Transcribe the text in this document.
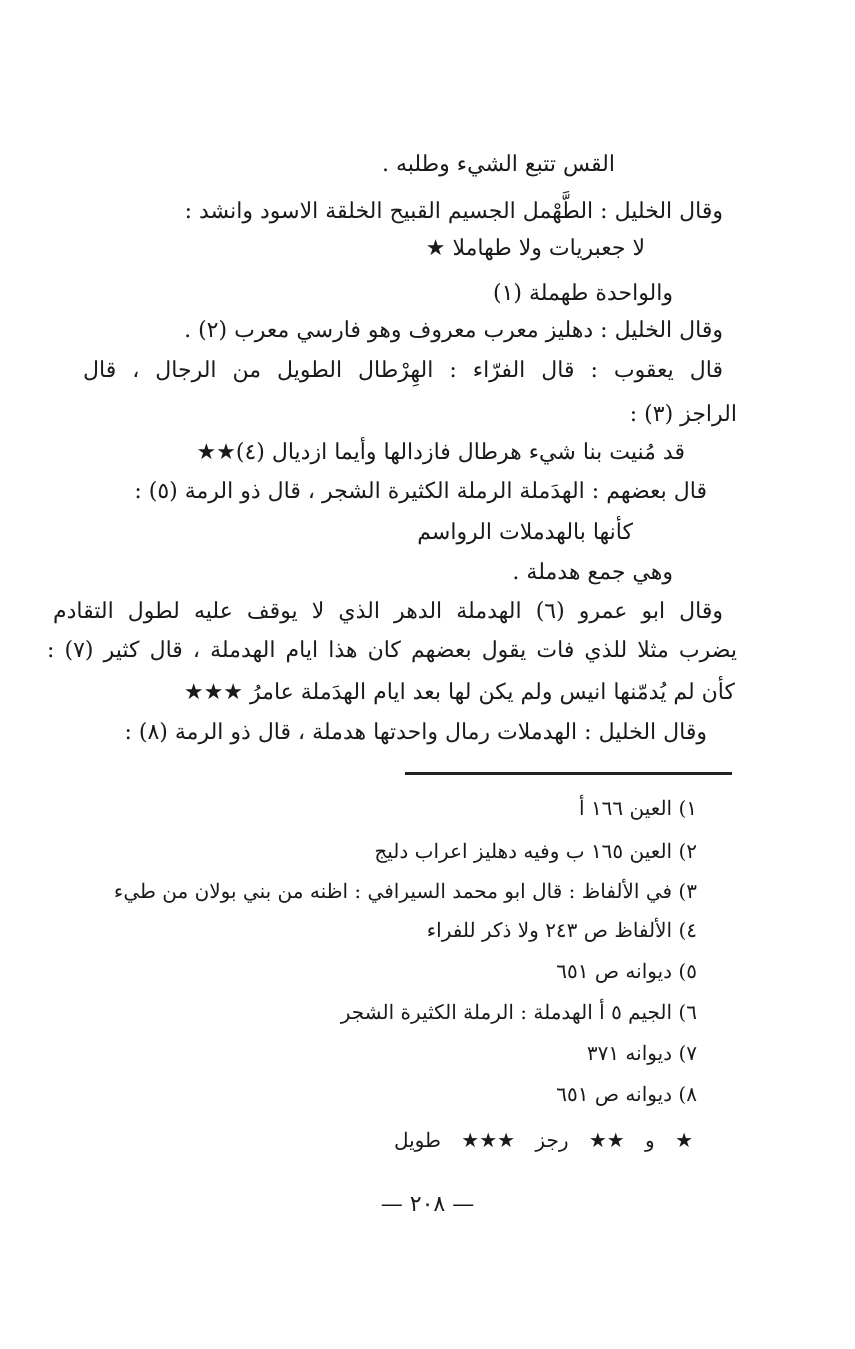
القس تتبع الشيء وطلبه .
وقال الخليل : الطَّهْمل الجسيم القبيح الخلقة الاسود وانشد :
لا جعبريات ولا طهاملا ★
والواحدة طهملة (١)
وقال الخليل : دهليز معرب معروف وهو فارسي معرب (٢) .
قال يعقوب : قال الفرّاء : الهِرْطال الطويل من الرجال ، قال
الراجز (٣) :
قد مُنيت بنا شيء هرطال فازدالها وأيما ازديال (٤)★★
قال بعضهم : الهدَملة الرملة الكثيرة الشجر ، قال ذو الرمة (٥) :
كأنها بالهدملات الرواسم
وهي جمع هدملة .
وقال ابو عمرو (٦) الهدملة الدهر الذي لا يوقف عليه لطول التقادم
يضرب مثلا للذي فات يقول بعضهم كان هذا ايام الهدملة ، قال كثير (٧) :
كأن لم يُدمّنها انيس ولم يكن لها بعد ايام الهدَملة عامرُ ★★★
وقال الخليل : الهدملات رمال واحدتها هدملة ، قال ذو الرمة (٨) :
١) العين ١٦٦ أ
٢) العين ١٦٥ ب وفيه دهليز اعراب دليج
٣) في الألفاظ : قال ابو محمد السيرافي : اظنه من بني بولان من طيء
٤) الألفاظ ص ٢٤٣ ولا ذكر للفراء
٥) ديوانه ص ٦٥١
٦) الجيم ٥ أ الهدملة : الرملة الكثيرة الشجر
٧) ديوانه ٣٧١
٨) ديوانه ص ٦٥١
★ و ★★ رجز ★★★ طويل
— ٢٠٨ —
